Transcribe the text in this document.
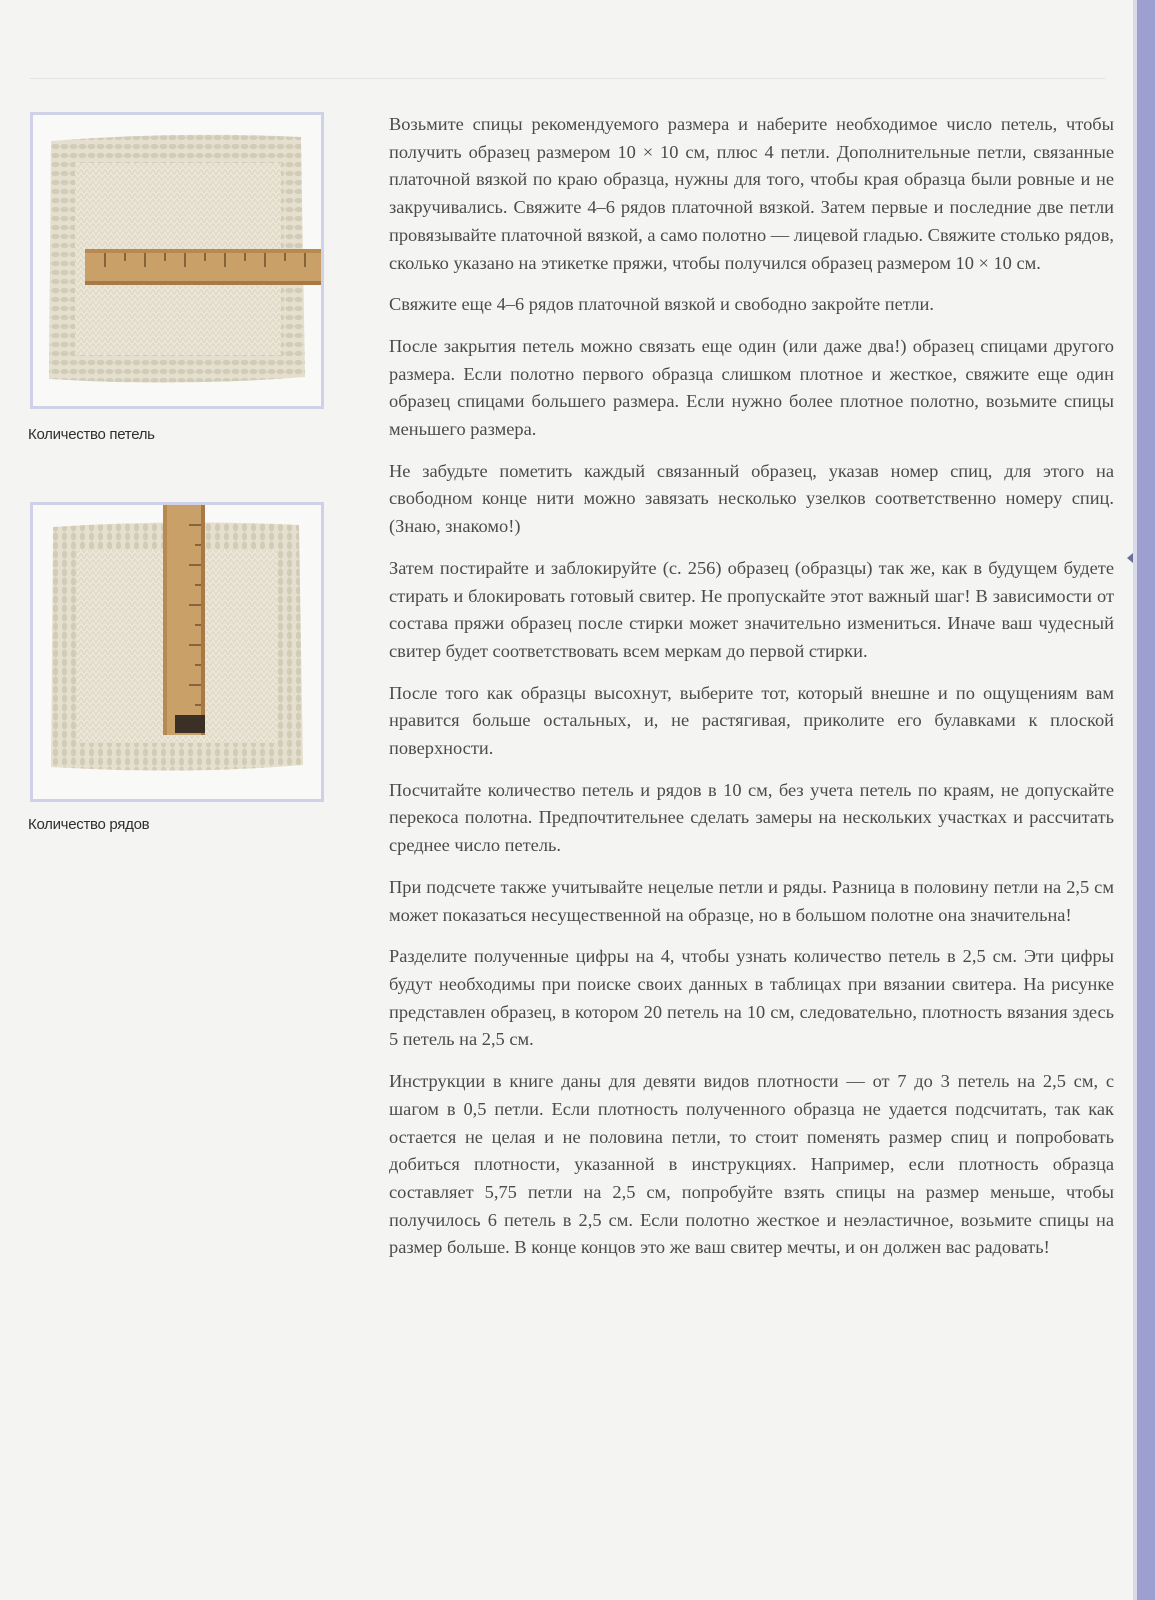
Количество петель
Количество рядов

Возьмите спицы рекомендуемого размера и наберите необходимое число петель, чтобы получить образец размером 10 × 10 см, плюс 4 петли. Дополнительные петли, связанные платочной вязкой по краю образца, нужны для того, чтобы края образца были ровные и не закручивались. Свяжите 4–6 рядов платочной вязкой. Затем первые и последние две петли провязывайте платочной вязкой, а само полотно — лицевой гладью. Свяжите столько рядов, сколько указано на этикетке пряжи, чтобы получился образец размером 10 × 10 см.

Свяжите еще 4–6 рядов платочной вязкой и свободно закройте петли.

После закрытия петель можно связать еще один (или даже два!) образец спицами другого размера. Если полотно первого образца слишком плотное и жесткое, свяжите еще один образец спицами большего размера. Если нужно более плотное полотно, возьмите спицы меньшего размера.

Не забудьте пометить каждый связанный образец, указав номер спиц, для этого на свободном конце нити можно завязать несколько узелков соответственно номеру спиц. (Знаю, знакомо!)

Затем постирайте и заблокируйте (с. 256) образец (образцы) так же, как в будущем будете стирать и блокировать готовый свитер. Не пропускайте этот важный шаг! В зависимости от состава пряжи образец после стирки может значительно измениться. Иначе ваш чудесный свитер будет соответствовать всем меркам до первой стирки.

После того как образцы высохнут, выберите тот, который внешне и по ощущениям вам нравится больше остальных, и, не растягивая, приколите его булавками к плоской поверхности.

Посчитайте количество петель и рядов в 10 см, без учета петель по краям, не допускайте перекоса полотна. Предпочтительнее сделать замеры на нескольких участках и рассчитать среднее число петель.

При подсчете также учитывайте нецелые петли и ряды. Разница в половину петли на 2,5 см может показаться несущественной на образце, но в большом полотне она значительна!

Разделите полученные цифры на 4, чтобы узнать количество петель в 2,5 см. Эти цифры будут необходимы при поиске своих данных в таблицах при вязании свитера. На рисунке представлен образец, в котором 20 петель на 10 см, следовательно, плотность вязания здесь 5 петель на 2,5 см.

Инструкции в книге даны для девяти видов плотности — от 7 до 3 петель на 2,5 см, с шагом в 0,5 петли. Если плотность полученного образца не удается подсчитать, так как остается не целая и не половина петли, то стоит поменять размер спиц и попробовать добиться плотности, указанной в инструкциях. Например, если плотность образца составляет 5,75 петли на 2,5 см, попробуйте взять спицы на размер меньше, чтобы получилось 6 петель в 2,5 см. Если полотно жесткое и неэластичное, возьмите спицы на размер больше. В конце концов это же ваш свитер мечты, и он должен вас радовать!
